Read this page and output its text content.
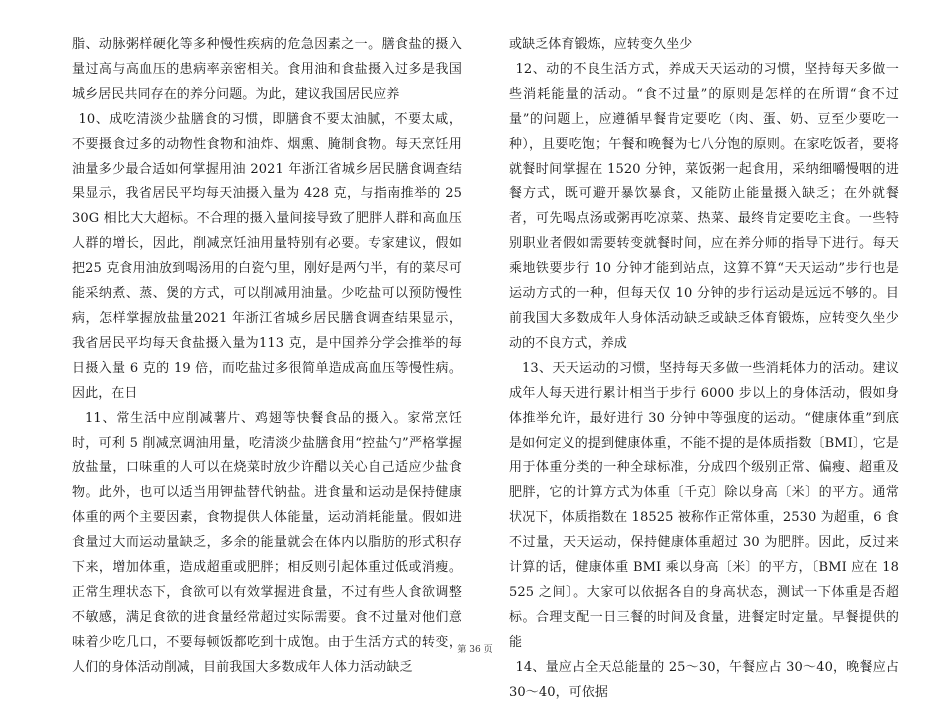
脂、动脉粥样硬化等多种慢性疾病的危急因素之一。膳食盐的摄入量过高与高血压的患病率亲密相关。食用油和食盐摄入过多是我国城乡居民共同存在的养分问题。为此，建议我国居民应养

10、成吃清淡少盐膳食的习惯，即膳食不要太油腻，不要太咸，不要摄食过多的动物性食物和油炸、烟熏、腌制食物。每天烹饪用油量多少最合适如何掌握用油 2021 年浙江省城乡居民膳食调查结果显示，我省居民平均每天油摄入量为 428 克，与指南推举的 2530G 相比大大超标。不合理的摄入量间接导致了肥胖人群和高血压人群的增长，因此，削减烹饪油用量特别有必要。专家建议，假如把25 克食用油放到喝汤用的白瓷勺里，刚好是两勺半，有的菜尽可能采纳煮、蒸、煲的方式，可以削减用油量。少吃盐可以预防慢性病，怎样掌握放盐量2021 年浙江省城乡居民膳食调查结果显示，我省居民平均每天食盐摄入量为113 克，是中国养分学会推举的每日摄入量 6 克的 19 倍，而吃盐过多很简单造成高血压等慢性病。因此，在日

11、常生活中应削减薯片、鸡翅等快餐食品的摄入。家常烹饪时，可利 5 削减烹调油用量，吃清淡少盐膳食用“控盐勺”严格掌握放盐量，口味重的人可以在烧菜时放少许醋以关心自己适应少盐食物。此外，也可以适当用钾盐替代钠盐。进食量和运动是保持健康体重的两个主要因素，食物提供人体能量，运动消耗能量。假如进食量过大而运动量缺乏，多余的能量就会在体内以脂肪的形式积存下来，增加体重，造成超重或肥胖；相反则引起体重过低或消瘦。正常生理状态下，食欲可以有效掌握进食量，不过有些人食欲调整不敏感，满足食欲的进食量经常超过实际需要。食不过量对他们意味着少吃几口，不要每顿饭都吃到十成饱。由于生活方式的转变，人们的身体活动削减，目前我国大多数成年人体力活动缺乏

或缺乏体育锻炼，应转变久坐少

12、动的不良生活方式，养成天天运动的习惯，坚持每天多做一些消耗能量的活动。“食不过量”的原则是怎样的在所谓“食不过量”的问题上，应遵循早餐肯定要吃（肉、蛋、奶、豆至少要吃一种），且要吃饱；午餐和晚餐为七八分饱的原则。在家吃饭者，要将就餐时间掌握在 1520 分钟，菜饭粥一起食用，采纳细嚼慢咽的进餐方式，既可避开暴饮暴食，又能防止能量摄入缺乏；在外就餐者，可先喝点汤或粥再吃凉菜、热菜、最终肯定要吃主食。一些特别职业者假如需要转变就餐时间，应在养分师的指导下进行。每天乘地铁要步行 10 分钟才能到站点，这算不算“天天运动”步行也是运动方式的一种，但每天仅 10 分钟的步行运动是远远不够的。目前我国大多数成年人身体活动缺乏或缺乏体育锻炼，应转变久坐少动的不良方式，养成

13、天天运动的习惯，坚持每天多做一些消耗体力的活动。建议成年人每天进行累计相当于步行 6000 步以上的身体活动，假如身体推举允许，最好进行 30 分钟中等强度的运动。“健康体重”到底是如何定义的提到健康体重，不能不提的是体质指数〔BMI〕，它是用于体重分类的一种全球标准，分成四个级别正常、偏瘦、超重及肥胖，它的计算方式为体重〔千克〕除以身高〔米〕的平方。通常状况下，体质指数在 18525 被称作正常体重，2530 为超重，6 食不过量，天天运动，保持健康体重超过 30 为肥胖。因此，反过来计算的话，健康体重 BMI 乘以身高〔米〕的平方，〔BMI 应在 18525 之间〕。大家可以依据各自的身高状态，测试一下体重是否超标。合理支配一日三餐的时间及食量，进餐定时定量。早餐提供的能

14、量应占全天总能量的 25～30，午餐应占 30～40，晚餐应占 30～40，可依据

第 36 页
